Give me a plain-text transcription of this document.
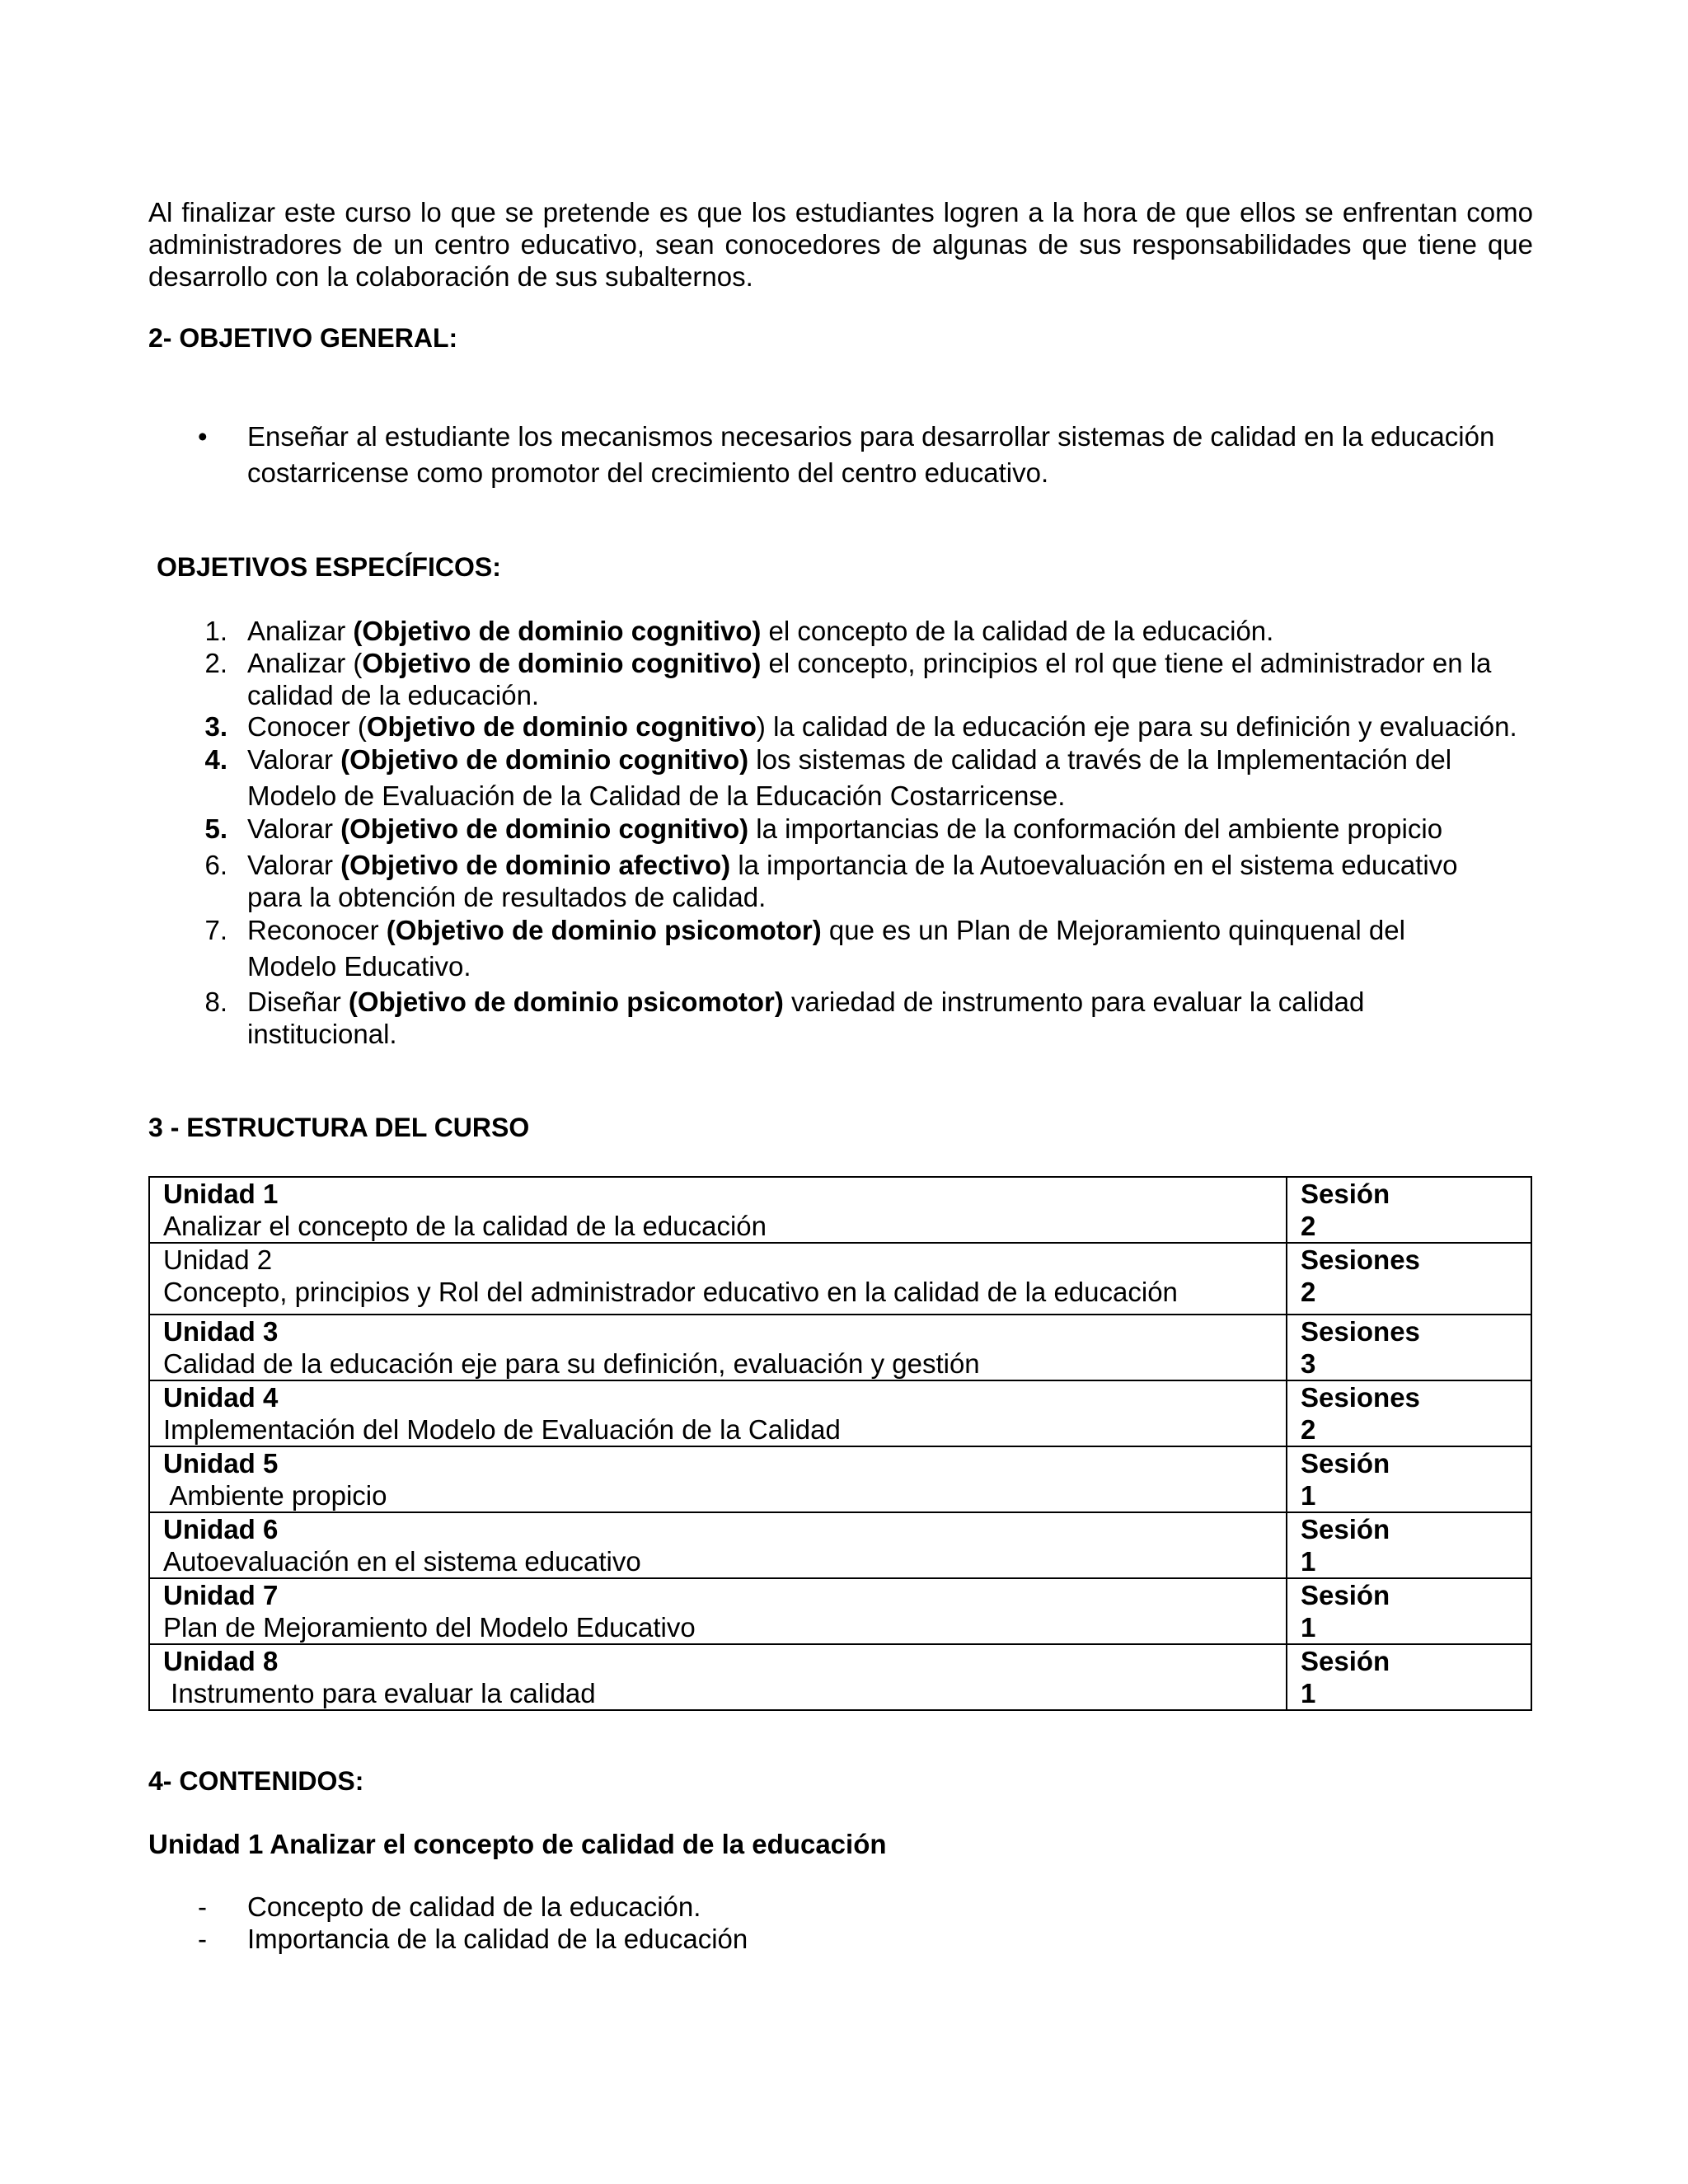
Al finalizar este curso lo que se pretende es que los estudiantes logren a la hora de que ellos se enfrentan como
administradores de un centro educativo, sean conocedores de algunas de sus responsabilidades que tiene que
desarrollo con la colaboración de sus subalternos.
2- OBJETIVO GENERAL:
• Enseñar al estudiante los mecanismos necesarios para desarrollar sistemas de calidad en la educación
costarricense como promotor del crecimiento del centro educativo.
OBJETIVOS ESPECÍFICOS:
1. Analizar (Objetivo de dominio cognitivo) el concepto de la calidad de la educación.
2. Analizar (Objetivo de dominio cognitivo) el concepto, principios el rol que tiene el administrador en la
calidad de la educación.
3. Conocer (Objetivo de dominio cognitivo) la calidad de la educación eje para su definición y evaluación.
4. Valorar (Objetivo de dominio cognitivo) los sistemas de calidad a través de la Implementación del
Modelo de Evaluación de la Calidad de la Educación Costarricense.
5. Valorar (Objetivo de dominio cognitivo) la importancias de la conformación del ambiente propicio
6. Valorar (Objetivo de dominio afectivo) la importancia de la Autoevaluación en el sistema educativo
para la obtención de resultados de calidad.
7. Reconocer (Objetivo de dominio psicomotor) que es un Plan de Mejoramiento quinquenal del
Modelo Educativo.
8. Diseñar (Objetivo de dominio psicomotor) variedad de instrumento para evaluar la calidad
institucional.
3 - ESTRUCTURA DEL CURSO
Unidad 1
Analizar el concepto de la calidad de la educación	Sesión
2

Unidad 2
Concepto, principios y Rol del administrador educativo en la calidad de la educación	Sesiones
2

Unidad 3
Calidad de la educación eje para su definición, evaluación y gestión	Sesiones
3

Unidad 4
Implementación del Modelo de Evaluación de la Calidad	Sesiones
2

Unidad 5
Ambiente propicio	Sesión
1

Unidad 6
Autoevaluación en el sistema educativo	Sesión
1

Unidad 7
Plan de Mejoramiento del Modelo Educativo	Sesión
1

Unidad 8
Instrumento para evaluar la calidad	Sesión
1
4- CONTENIDOS:
Unidad 1 Analizar el concepto de calidad de la educación
- Concepto de calidad de la educación.
- Importancia de la calidad de la educación
